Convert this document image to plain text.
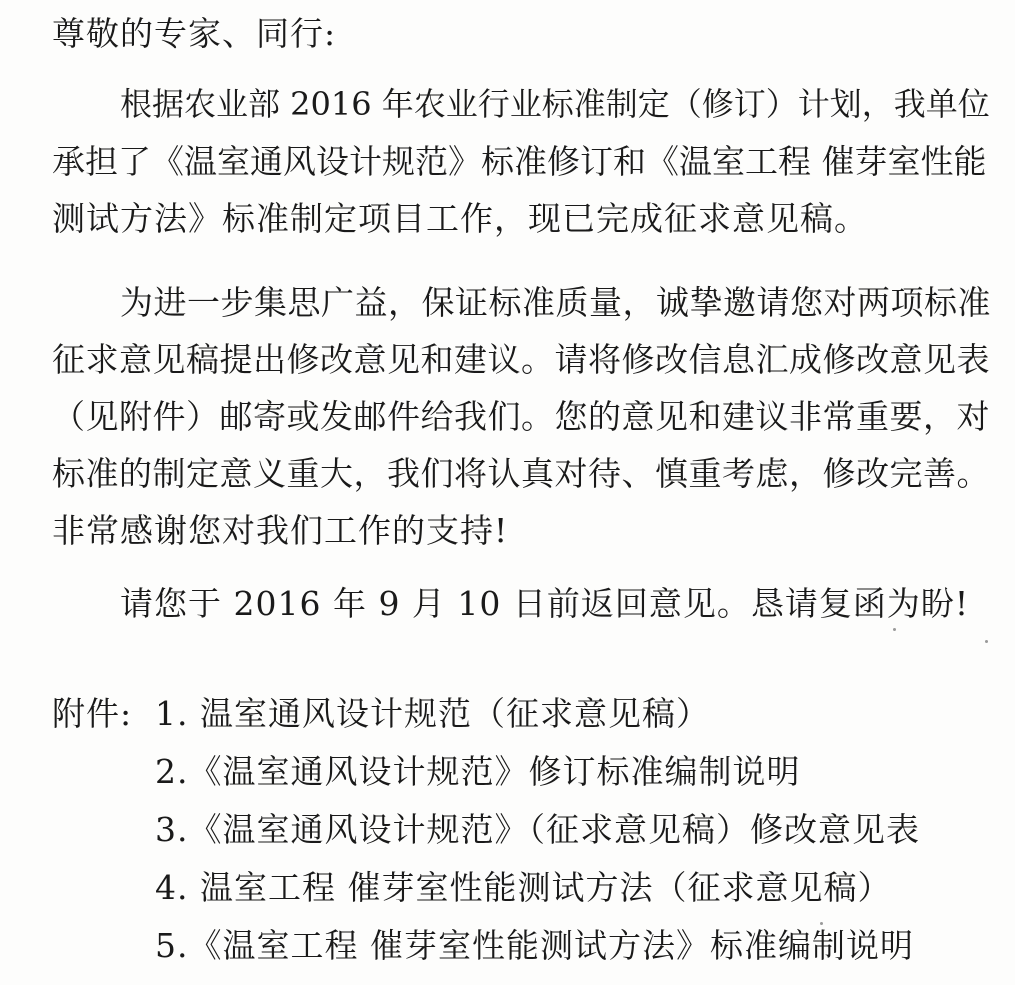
尊敬的专家、同行:
根据农业部 2016 年农业行业标准制定（修订）计划，我单位
承担了《温室通风设计规范》标准修订和《温室工程 催芽室性能
测试方法》标准制定项目工作，现已完成征求意见稿。
为进一步集思广益，保证标准质量，诚挚邀请您对两项标准
征求意见稿提出修改意见和建议。请将修改信息汇成修改意见表
（见附件）邮寄或发邮件给我们。您的意见和建议非常重要，对
标准的制定意义重大，我们将认真对待、慎重考虑，修改完善。
非常感谢您对我们工作的支持!
请您于 2016 年 9 月 10 日前返回意见。恳请复函为盼!
附件: 1. 温室通风设计规范（征求意见稿）
2.《温室通风设计规范》修订标准编制说明
3.《温室通风设计规范》（征求意见稿）修改意见表
4. 温室工程 催芽室性能测试方法（征求意见稿）
5.《温室工程 催芽室性能测试方法》标准编制说明
